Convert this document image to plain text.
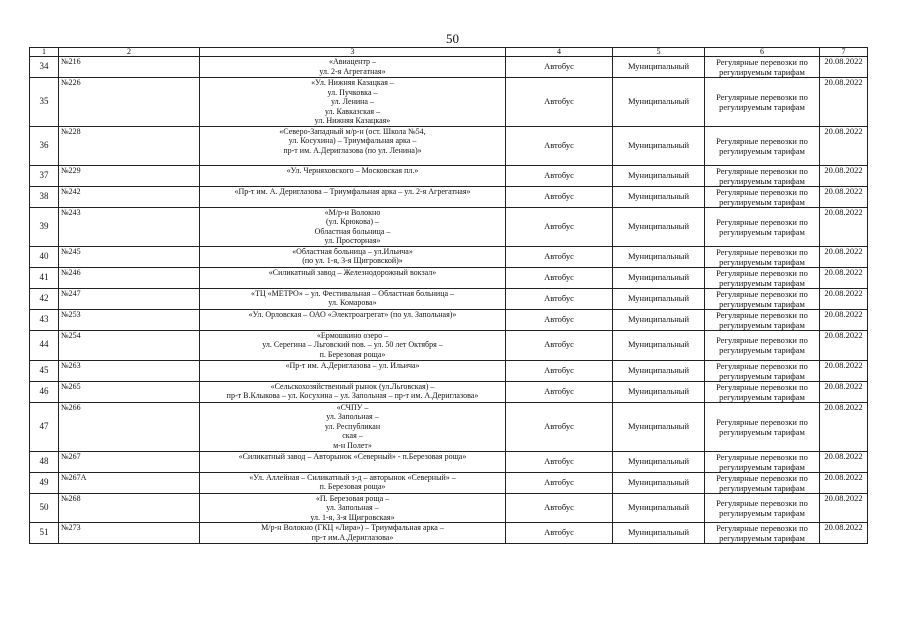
50
1	2	3	4	5	6	7
34	№216	«Авиацентр –
ул. 2-я Агрегатная»	Автобус	Муниципальный	Регулярные перевозки по регулируемым тарифам	20.08.2022
35	№226	«Ул. Нижняя Казацкая –
ул. Пучковка –
ул. Ленина –
ул. Кавказская –
ул. Нижняя Казацкая»	Автобус	Муниципальный	Регулярные перевозки по регулируемым тарифам	20.08.2022
36	№228	«Северо-Западный м/р-н (ост. Школа №54,
ул. Косухина) – Триумфальная арка –
пр-т им. А.Дериглазова (по ул. Ленина)»	Автобус	Муниципальный	Регулярные перевозки по регулируемым тарифам	20.08.2022
37	№229	«Ул. Черняховского – Московская пл.»	Автобус	Муниципальный	Регулярные перевозки по регулируемым тарифам	20.08.2022
38	№242	«Пр-т им. А. Дериглазова – Триумфальная арка – ул. 2-я Агрегатная»	Автобус	Муниципальный	Регулярные перевозки по регулируемым тарифам	20.08.2022
39	№243	«М/р-н Волокно
(ул. Крюкова) –
Областная больница –
ул. Просторная»	Автобус	Муниципальный	Регулярные перевозки по регулируемым тарифам	20.08.2022
40	№245	«Областная больница – ул.Ильича»
(по ул. 1-я, 3-я Щигровской)»	Автобус	Муниципальный	Регулярные перевозки по регулируемым тарифам	20.08.2022
41	№246	«Силикатный завод – Железнодорожный вокзал»	Автобус	Муниципальный	Регулярные перевозки по регулируемым тарифам	20.08.2022
42	№247	«ТЦ «МЕТРО» – ул. Фестивальная – Областная больница –
ул. Комарова»	Автобус	Муниципальный	Регулярные перевозки по регулируемым тарифам	20.08.2022
43	№253	«Ул. Орловская – ОАО «Электроагрегат» (по ул. Запольная)»	Автобус	Муниципальный	Регулярные перевозки по регулируемым тарифам	20.08.2022
44	№254	«Ермошкино озеро –
ул. Серегина – Льговский пов. – ул. 50 лет Октября –
п. Березовая роща»	Автобус	Муниципальный	Регулярные перевозки по регулируемым тарифам	20.08.2022
45	№263	«Пр-т им. А.Дериглазова – ул. Ильича»	Автобус	Муниципальный	Регулярные перевозки по регулируемым тарифам	20.08.2022
46	№265	«Сельскохозяйственный рынок (ул.Льговская) –
пр-т В.Клыкова – ул. Косухина – ул. Запольная – пр-т им. А.Дериглазова»	Автобус	Муниципальный	Регулярные перевозки по регулируемым тарифам	20.08.2022
47	№266	«СЧПУ –
ул. Запольная –
ул. Республикан
ская –
м-н Полет»	Автобус	Муниципальный	Регулярные перевозки по регулируемым тарифам	20.08.2022
48	№267	«Силикатный завод – Авторынок «Северный» - п.Березовая роща»	Автобус	Муниципальный	Регулярные перевозки по регулируемым тарифам	20.08.2022
49	№267А	«Ул. Аллейная – Силикатный з-д – авторынок «Северный» –
п. Березовая роща»	Автобус	Муниципальный	Регулярные перевозки по регулируемым тарифам	20.08.2022
50	№268	«П. Березовая роща –
ул. Запольная –
ул. 1-я, 3-я Щигровская»	Автобус	Муниципальный	Регулярные перевозки по регулируемым тарифам	20.08.2022
51	№273	М/р-н Волокно (ГКЦ «Лира») – Триумфальная арка –
пр-т им.А.Дериглазова»	Автобус	Муниципальный	Регулярные перевозки по регулируемым тарифам	20.08.2022
